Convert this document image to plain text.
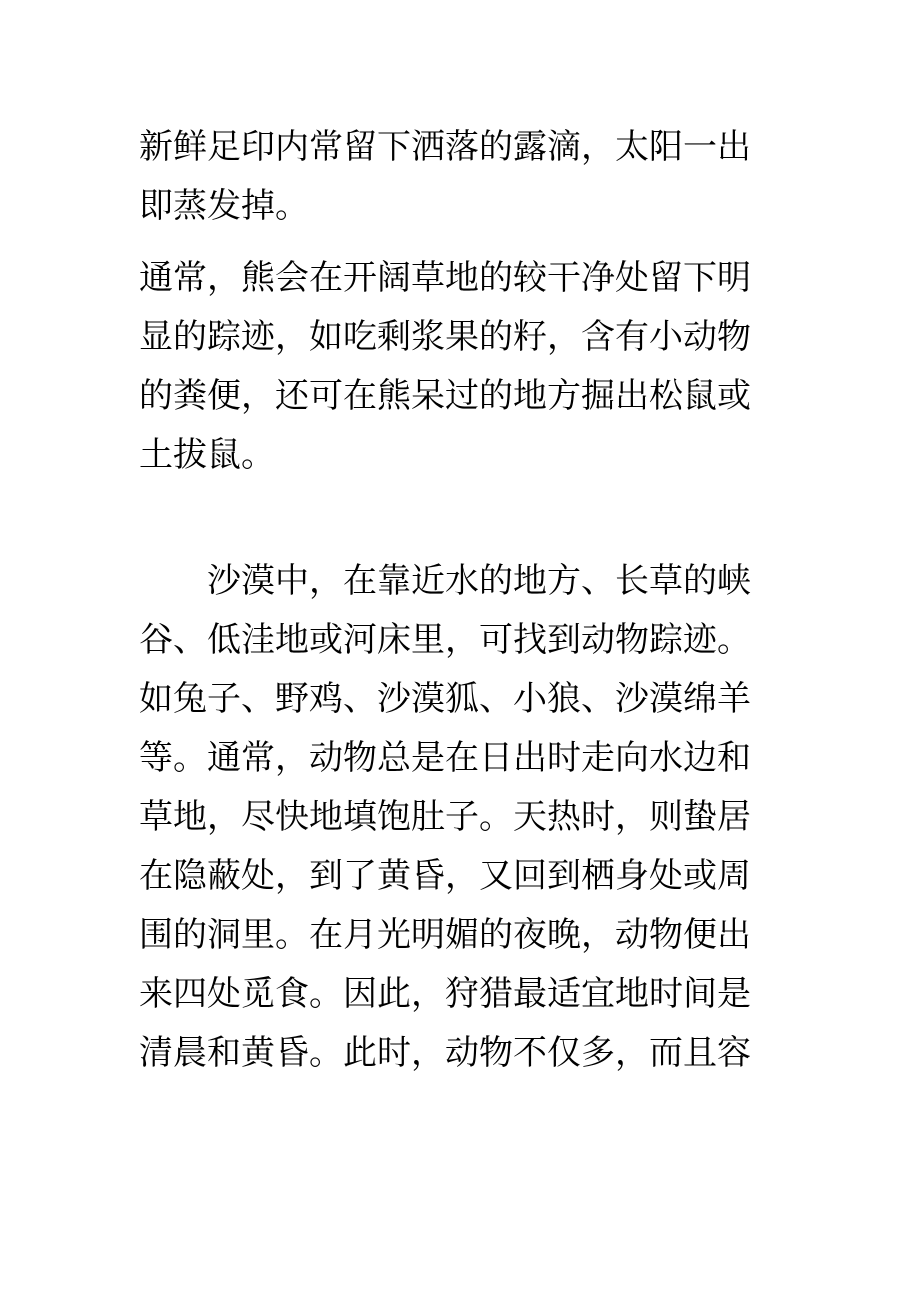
新鲜足印内常留下洒落的露滴，太阳一出
即蒸发掉。
通常，熊会在开阔草地的较干净处留下明
显的踪迹，如吃剩浆果的籽，含有小动物
的粪便，还可在熊呆过的地方掘出松鼠或
土拔鼠。
　　沙漠中，在靠近水的地方、长草的峡
谷、低洼地或河床里，可找到动物踪迹。
如兔子、野鸡、沙漠狐、小狼、沙漠绵羊
等。通常，动物总是在日出时走向水边和
草地，尽快地填饱肚子。天热时，则蛰居
在隐蔽处，到了黄昏，又回到栖身处或周
围的洞里。在月光明媚的夜晚，动物便出
来四处觅食。因此，狩猎最适宜地时间是
清晨和黄昏。此时，动物不仅多，而且容
